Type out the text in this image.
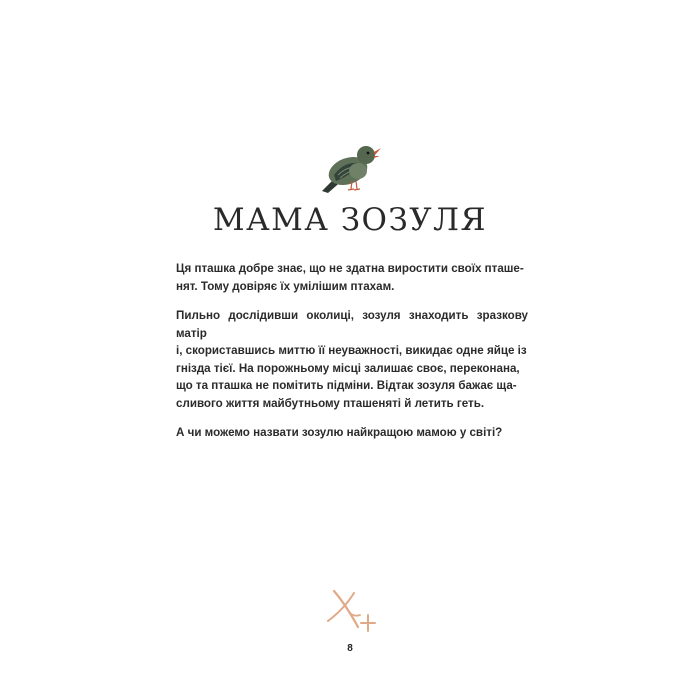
МАМА ЗОЗУЛЯ

Ця пташка добре знає, що не здатна виростити своїх пташе-
нят. Тому довіряє їх умілішим птахам.

Пильно дослідивши околиці, зозуля знаходить зразкову матір
і, скориставшись миттю її неуважності, викидає одне яйце із
гнізда тієї. На порожньому місці залишає своє, переконана,
що та пташка не помітить підміни. Відтак зозуля бажає ща-
сливого життя майбутньому пташеняті й летить геть.

А чи можемо назвати зозулю найкращою мамою у світі?

8
